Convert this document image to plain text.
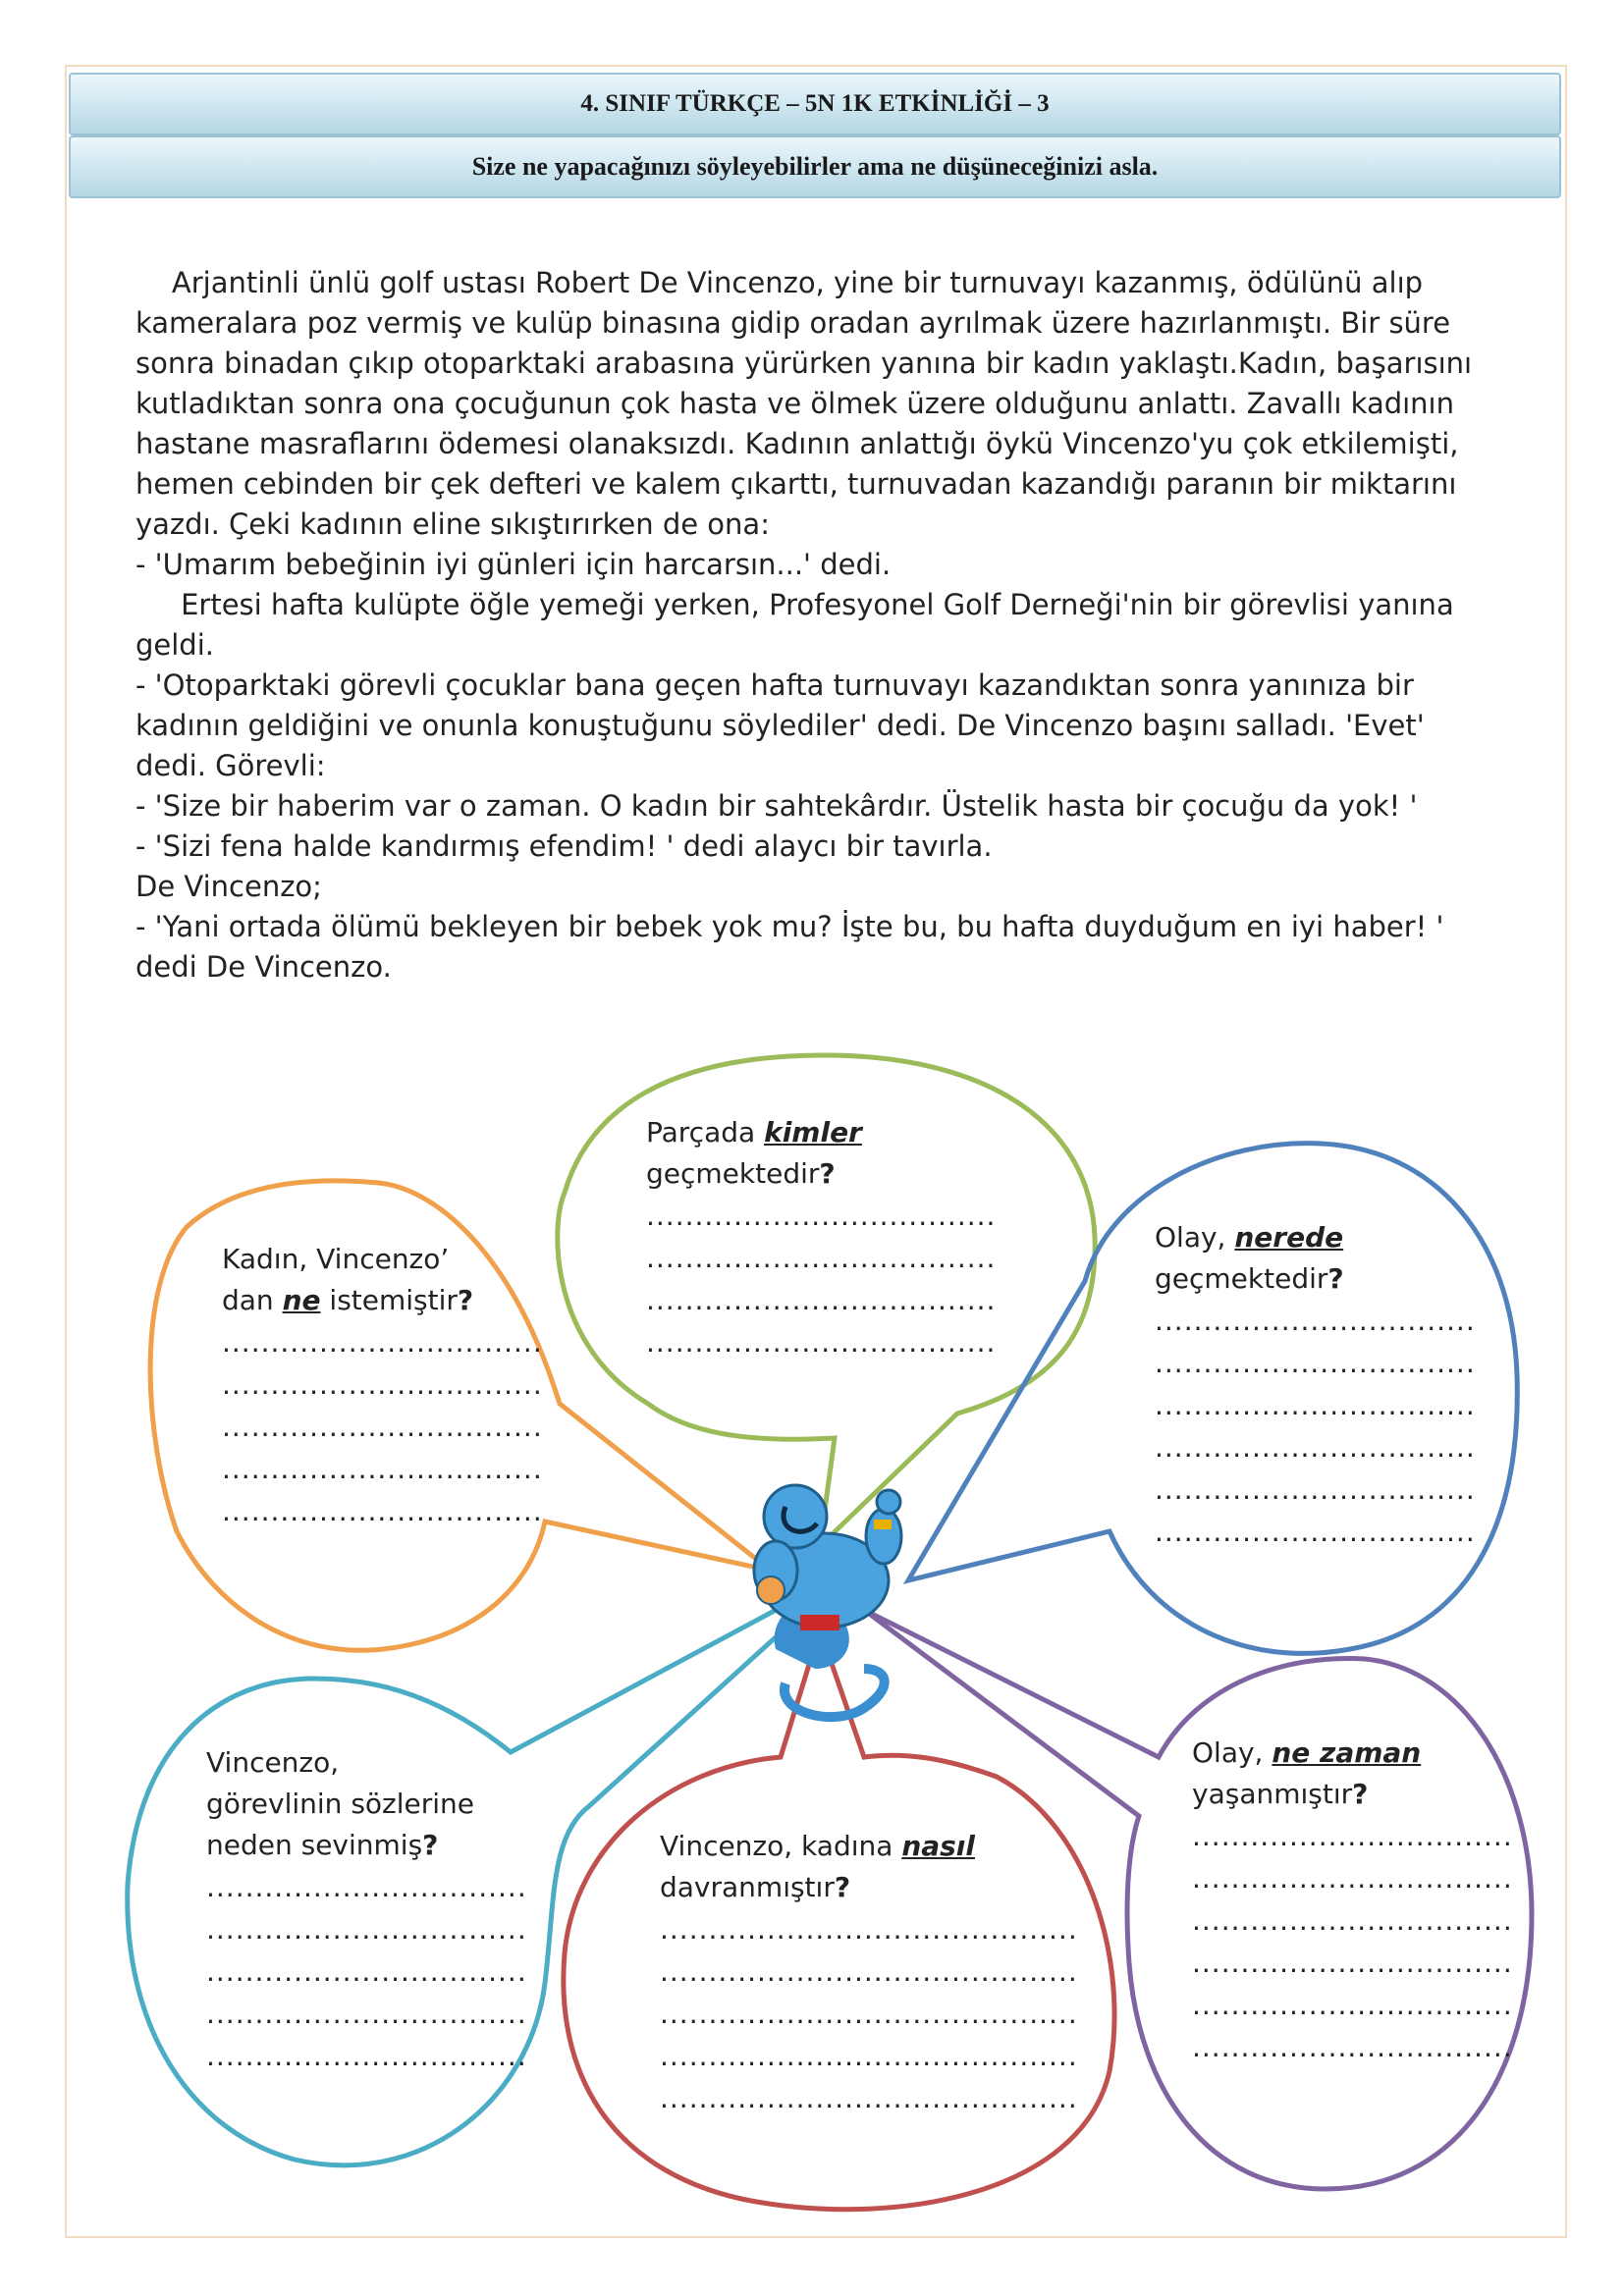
4. SINIF TÜRKÇE – 5N 1K ETKİNLİĞİ – 3
Size ne yapacağınızı söyleyebilirler ama ne düşüneceğinizi asla.

Arjantinli ünlü golf ustası Robert De Vincenzo, yine bir turnuvayı kazanmış, ödülünü alıp kameralara poz vermiş ve kulüp binasına gidip oradan ayrılmak üzere hazırlanmıştı. Bir süre sonra binadan çıkıp otoparktaki arabasına yürürken yanına bir kadın yaklaştı.Kadın, başarısını kutladıktan sonra ona çocuğunun çok hasta ve ölmek üzere olduğunu anlattı. Zavallı kadının hastane masraflarını ödemesi olanaksızdı. Kadının anlattığı öykü Vincenzo'yu çok etkilemişti, hemen cebinden bir çek defteri ve kalem çıkarttı, turnuvadan kazandığı paranın bir miktarını yazdı. Çeki kadının eline sıkıştırırken de ona:

- 'Umarım bebeğinin iyi günleri için harcarsın...' dedi.

Ertesi hafta kulüpte öğle yemeği yerken, Profesyonel Golf Derneği'nin bir görevlisi yanına geldi.

- 'Otoparktaki görevli çocuklar bana geçen hafta turnuvayı kazandıktan sonra yanınıza bir kadının geldiğini ve onunla konuştuğunu söylediler' dedi. De Vincenzo başını salladı. 'Evet' dedi. Görevli:

- 'Size bir haberim var o zaman. O kadın bir sahtekârdır. Üstelik hasta bir çocuğu da yok! '

- 'Sizi fena halde kandırmış efendim! ' dedi alaycı bir tavırla.

De Vincenzo;

- 'Yani ortada ölümü bekleyen bir bebek yok mu? İşte bu, bu hafta duyduğum en iyi haber! ' dedi De Vincenzo.

Parçada kimler
geçmektedir?

....................................
....................................
....................................
....................................

Kadın, Vincenzo’
dan ne istemiştir?

.................................
.................................
.................................
.................................
.................................

Olay, nerede
geçmektedir?

.................................
.................................
.................................
.................................
.................................
.................................

Vincenzo,
görevlinin sözlerine
neden sevinmiş?

.................................
.................................
.................................
.................................
.................................

Vincenzo, kadına nasıl
davranmıştır?

...........................................
...........................................
...........................................
...........................................
...........................................

Olay, ne zaman
yaşanmıştır?

.................................
.................................
.................................
.................................
.................................
.................................
